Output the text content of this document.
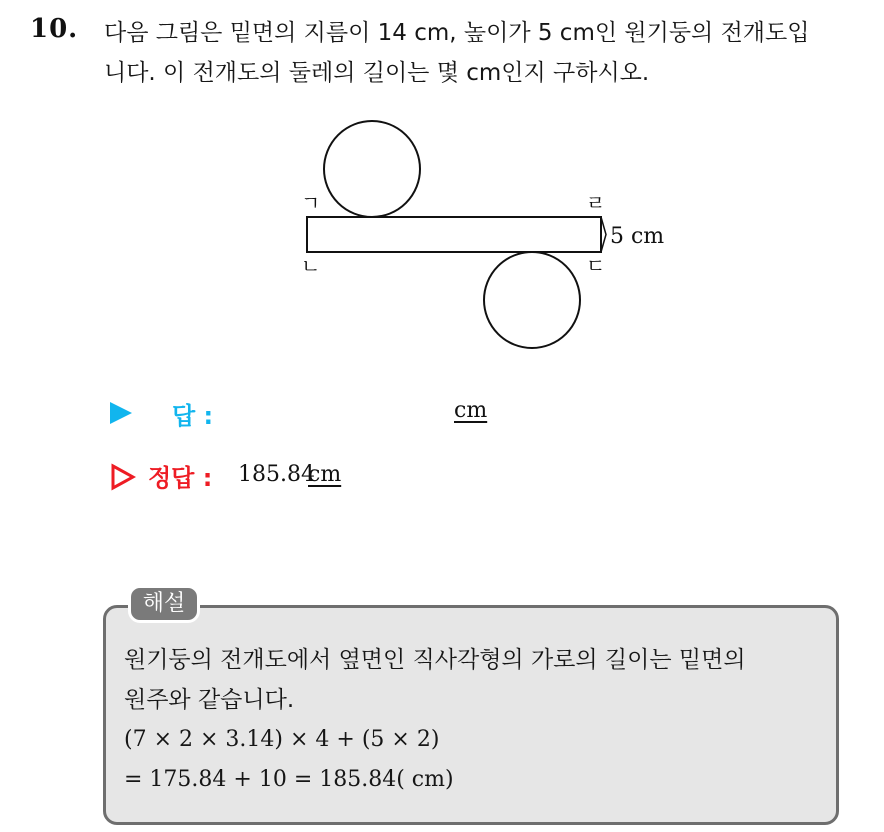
10. 다음 그림은 밑면의 지름이 14 cm, 높이가 5 cm인 원기둥의 전개도입
니다. 이 전개도의 둘레의 길이는 몇 cm인지 구하시오.
ㄱ
ㄴ
ㄹ
ㄷ
5 cm
답 :	cm
정답 : 185.84
cm
해설
원기둥의 전개도에서 옆면인 직사각형의 가로의 길이는 밑면의
원주와 같습니다.
(7 × 2 × 3.14) × 4 + (5 × 2)
= 175.84 + 10 = 185.84( cm)
